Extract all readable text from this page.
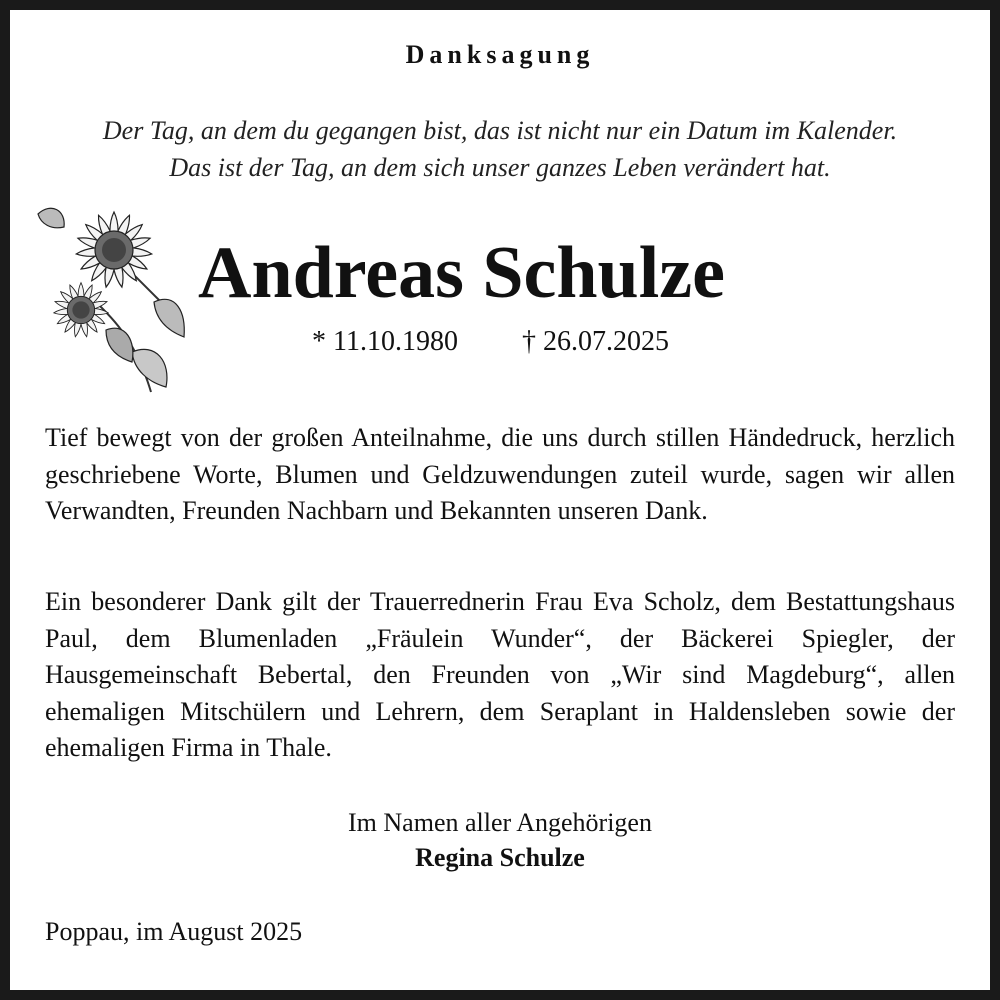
Danksagung
Der Tag, an dem du gegangen bist, das ist nicht nur ein Datum im Kalender.
Das ist der Tag, an dem sich unser ganzes Leben verändert hat.
Andreas Schulze
* 11.10.1980 † 26.07.2025

Tief bewegt von der großen Anteilnahme, die uns durch stillen Händedruck, herzlich geschriebene Worte, Blumen und Geldzuwendungen zuteil wurde, sagen wir allen Verwandten, Freunden Nachbarn und Bekannten unseren Dank.

Ein besonderer Dank gilt der Trauerrednerin Frau Eva Scholz, dem Bestattungshaus Paul, dem Blumenladen „Fräulein Wunder“, der Bäckerei Spiegler, der Hausgemeinschaft Bebertal, den Freunden von „Wir sind Magdeburg“, allen ehemaligen Mitschülern und Lehrern, dem Seraplant in Haldensleben sowie der ehemaligen Firma in Thale.

Im Namen aller Angehörigen
Regina Schulze
Poppau, im August 2025
